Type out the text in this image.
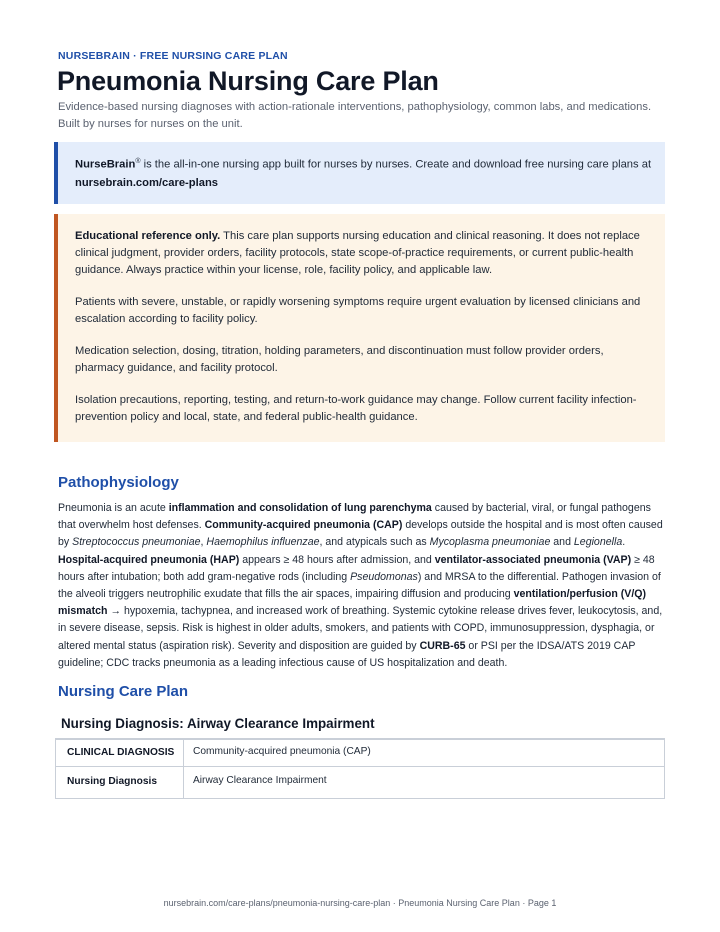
NURSEBRAIN · FREE NURSING CARE PLAN
Pneumonia Nursing Care Plan
Evidence-based nursing diagnoses with action-rationale interventions, pathophysiology, common labs, and medications. Built by nurses for nurses on the unit.
NurseBrain® is the all-in-one nursing app built for nurses by nurses. Create and download free nursing care plans at nursebrain.com/care-plans

Educational reference only. This care plan supports nursing education and clinical reasoning. It does not replace clinical judgment, provider orders, facility protocols, state scope-of-practice requirements, or current public-health guidance. Always practice within your license, role, facility policy, and applicable law.

Patients with severe, unstable, or rapidly worsening symptoms require urgent evaluation by licensed clinicians and escalation according to facility policy.

Medication selection, dosing, titration, holding parameters, and discontinuation must follow provider orders, pharmacy guidance, and facility protocol.

Isolation precautions, reporting, testing, and return-to-work guidance may change. Follow current facility infection-prevention policy and local, state, and federal public-health guidance.

Pathophysiology
Pneumonia is an acute inflammation and consolidation of lung parenchyma caused by bacterial, viral, or fungal pathogens that overwhelm host defenses. Community-acquired pneumonia (CAP) develops outside the hospital and is most often caused by Streptococcus pneumoniae, Haemophilus influenzae, and atypicals such as Mycoplasma pneumoniae and Legionella. Hospital-acquired pneumonia (HAP) appears ≥ 48 hours after admission, and ventilator-associated pneumonia (VAP) ≥ 48 hours after intubation; both add gram-negative rods (including Pseudomonas) and MRSA to the differential. Pathogen invasion of the alveoli triggers neutrophilic exudate that fills the air spaces, impairing diffusion and producing ventilation/perfusion (V/Q) mismatch → hypoxemia, tachypnea, and increased work of breathing. Systemic cytokine release drives fever, leukocytosis, and, in severe disease, sepsis. Risk is highest in older adults, smokers, and patients with COPD, immunosuppression, dysphagia, or altered mental status (aspiration risk). Severity and disposition are guided by CURB-65 or PSI per the IDSA/ATS 2019 CAP guideline; CDC tracks pneumonia as a leading infectious cause of US hospitalization and death.
Nursing Care Plan
Nursing Diagnosis: Airway Clearance Impairment
CLINICAL DIAGNOSIS	Community-acquired pneumonia (CAP)
Nursing Diagnosis	Airway Clearance Impairment
nursebrain.com/care-plans/pneumonia-nursing-care-plan · Pneumonia Nursing Care Plan · Page 1
